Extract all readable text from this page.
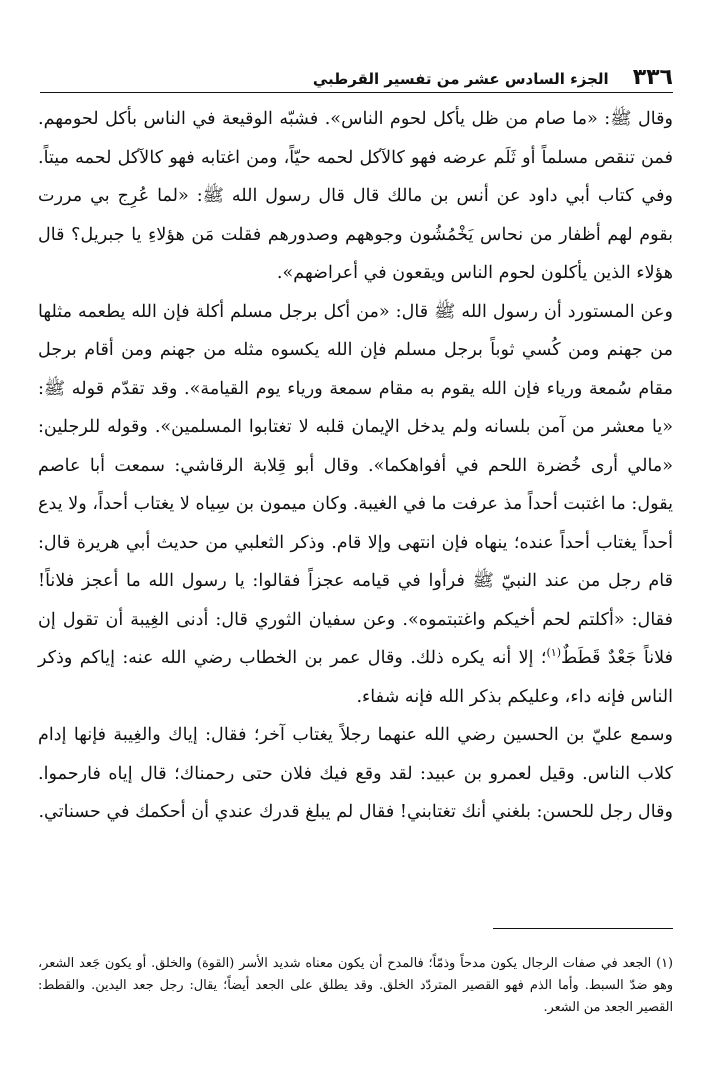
٣٣٦
الجزء السادس عشر من تفسير القرطبي

وقال ﷺ: «ما صام من ظل يأكل لحوم الناس». فشبّه الوقيعة في الناس بأكل لحومهم. فمن تنقص مسلماً أو ثَلَم عرضه فهو كالآكل لحمه حيّاً، ومن اغتابه فهو كالآكل لحمه ميتاً. وفي كتاب أبي داود عن أنس بن مالك قال قال رسول الله ﷺ: «لما عُرِج بي مررت بقوم لهم أظفار من نحاس يَخْمُشُون وجوههم وصدورهم فقلت مَن هؤلاءِ يا جبريل؟ قال هؤلاء الذين يأكلون لحوم الناس ويقعون في أعراضهم».

وعن المستورد أن رسول الله ﷺ قال: «من أكل برجل مسلم أكلة فإن الله يطعمه مثلها من جهنم ومن كُسي ثوباً برجل مسلم فإن الله يكسوه مثله من جهنم ومن أقام برجل مقام سُمعة ورياء فإن الله يقوم به مقام سمعة ورياء يوم القيامة». وقد تقدّم قوله ﷺ: «يا معشر من آمن بلسانه ولم يدخل الإيمان قلبه لا تغتابوا المسلمين». وقوله للرجلين: «مالي أرى خُضرة اللحم في أفواهكما». وقال أبو قِلابة الرقاشي: سمعت أبا عاصم يقول: ما اغتبت أحداً مذ عرفت ما في الغيبة. وكان ميمون بن سِياه لا يغتاب أحداً، ولا يدع أحداً يغتاب أحداً عنده؛ ينهاه فإن انتهى وإلا قام. وذكر الثعلبي من حديث أبي هريرة قال: قام رجل من عند النبيّ ﷺ فرأوا في قيامه عجزاً فقالوا: يا رسول الله ما أعجز فلاناً! فقال: «أكلتم لحم أخيكم واغتبتموه». وعن سفيان الثوري قال: أدنى الغِيبة أن تقول إن فلاناً جَعْدٌ قَطَطٌ$^{(١)}$؛ إلا أنه يكره ذلك. وقال عمر بن الخطاب رضي الله عنه: إياكم وذكر الناس فإنه داء، وعليكم بذكر الله فإنه شفاء.

وسمع عليّ بن الحسين رضي الله عنهما رجلاً يغتاب آخر؛ فقال: إياك والغِيبة فإنها إدام كلاب الناس. وقيل لعمرو بن عبيد: لقد وقع فيك فلان حتى رحمناك؛ قال إياه فارحموا. وقال رجل للحسن: بلغني أنك تغتابني! فقال لم يبلغ قدرك عندي أن أحكمك في حسناتي.

(١) الجعد في صفات الرجال يكون مدحاً وذمّاً؛ فالمدح أن يكون معناه شديد الأسر (القوة) والخلق. أو يكون جَعد الشعر، وهو ضدّ السبط. وأما الذم فهو القصير المتردّد الخلق. وقد يطلق على الجعد أيضاً؛ يقال: رجل جعد اليدين. والقطط: القصير الجعد من الشعر.
